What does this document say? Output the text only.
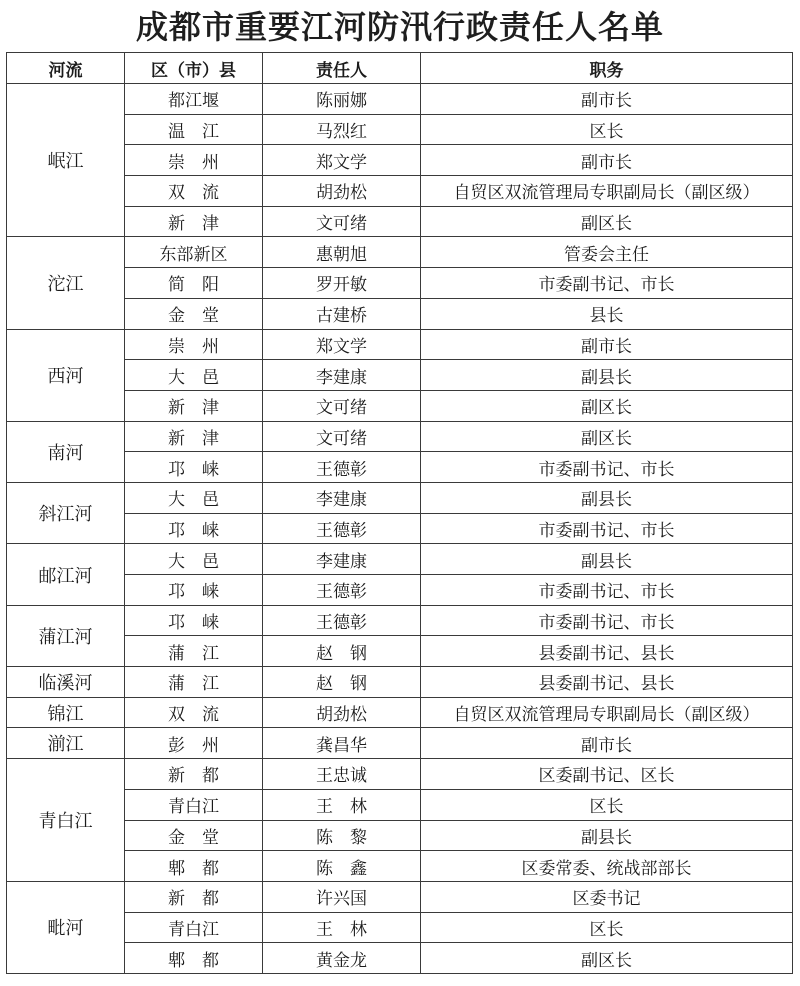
成都市重要江河防汛行政责任人名单
河流	区（市）县	责任人	职务
岷江	都江堰	陈丽娜	副市长
	温　江	马烈红	区长
	崇　州	郑文学	副市长
	双　流	胡劲松	自贸区双流管理局专职副局长（副区级）
	新　津	文可绪	副区长
沱江	东部新区	惠朝旭	管委会主任
	简　阳	罗开敏	市委副书记、市长
	金　堂	古建桥	县长
西河	崇　州	郑文学	副市长
	大　邑	李建康	副县长
	新　津	文可绪	副区长
南河	新　津	文可绪	副区长
	邛　崃	王德彰	市委副书记、市长
斜江河	大　邑	李建康	副县长
	邛　崃	王德彰	市委副书记、市长
邮江河	大　邑	李建康	副县长
	邛　崃	王德彰	市委副书记、市长
蒲江河	邛　崃	王德彰	市委副书记、市长
	蒲　江	赵　钢	县委副书记、县长
临溪河	蒲　江	赵　钢	县委副书记、县长
锦江	双　流	胡劲松	自贸区双流管理局专职副局长（副区级）
湔江	彭　州	龚昌华	副市长
青白江	新　都	王忠诚	区委副书记、区长
	青白江	王　林	区长
	金　堂	陈　黎	副县长
	郫　都	陈　鑫	区委常委、统战部部长
毗河	新　都	许兴国	区委书记
	青白江	王　林	区长
	郫　都	黄金龙	副区长
